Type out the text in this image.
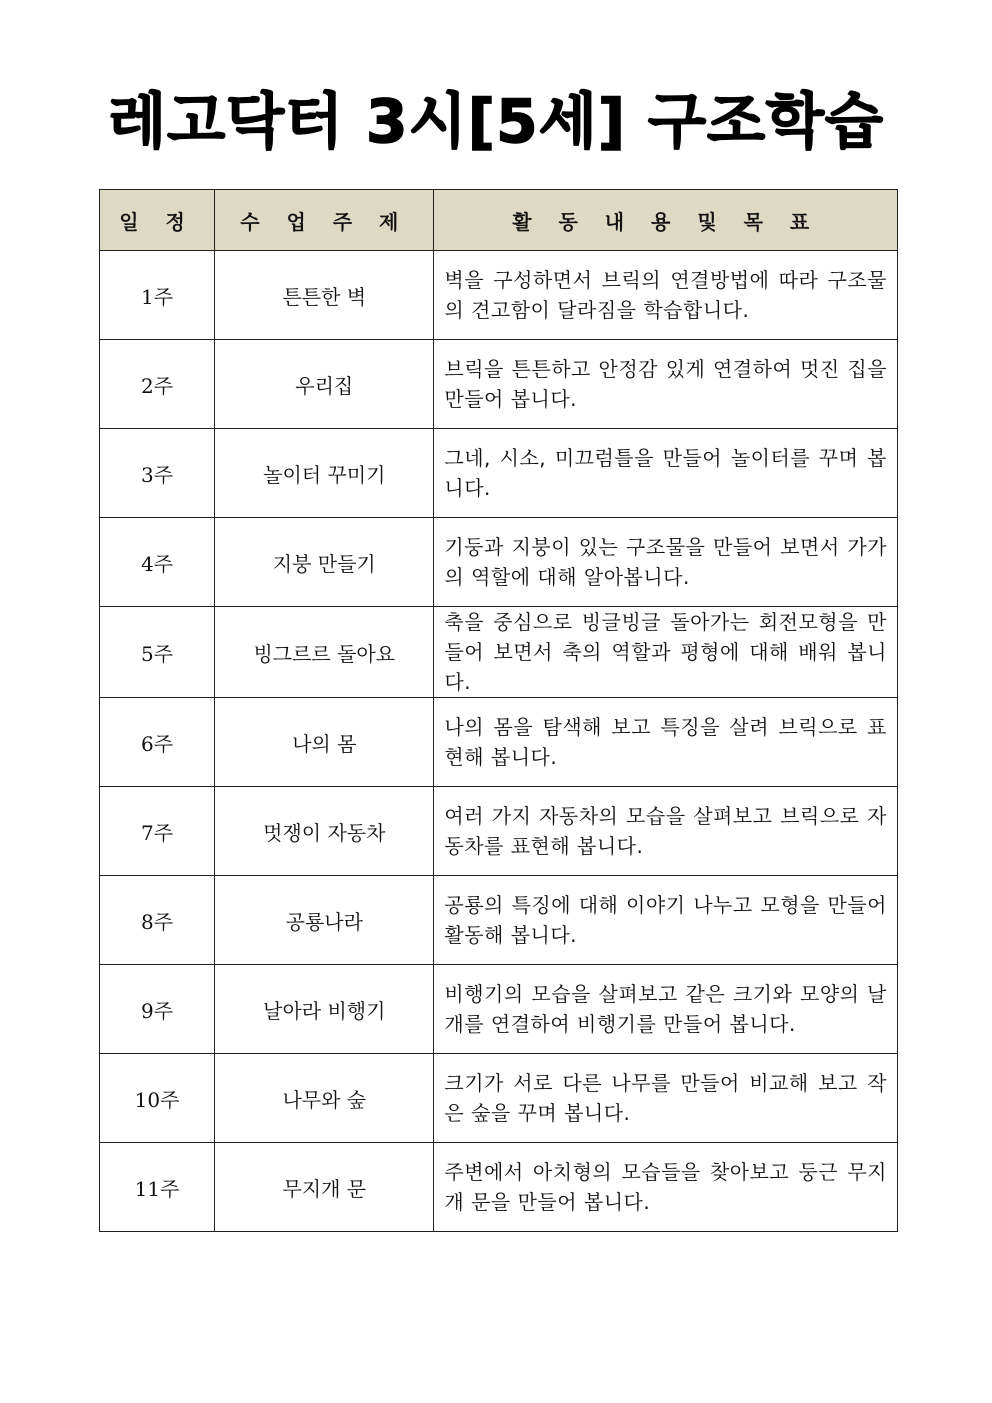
레고닥터 3시[5세] 구조학습
일 정	수 업 주 제	활 동 내 용 및 목 표
1주	튼튼한 벽	벽을 구성하면서 브릭의 연결방법에 따라 구조물의 견고함이 달라짐을 학습합니다.
2주	우리집	브릭을 튼튼하고 안정감 있게 연결하여 멋진 집을 만들어 봅니다.
3주	놀이터 꾸미기	그네, 시소, 미끄럼틀을 만들어 놀이터를 꾸며 봅니다.
4주	지붕 만들기	기둥과 지붕이 있는 구조물을 만들어 보면서 가가의 역할에 대해 알아봅니다.
5주	빙그르르 돌아요	축을 중심으로 빙글빙글 돌아가는 회전모형을 만들어 보면서 축의 역할과 평형에 대해 배워 봅니다.
6주	나의 몸	나의 몸을 탐색해 보고 특징을 살려 브릭으로 표현해 봅니다.
7주	멋쟁이 자동차	여러 가지 자동차의 모습을 살펴보고 브릭으로 자동차를 표현해 봅니다.
8주	공룡나라	공룡의 특징에 대해 이야기 나누고 모형을 만들어 활동해 봅니다.
9주	날아라 비행기	비행기의 모습을 살펴보고 같은 크기와 모양의 날개를 연결하여 비행기를 만들어 봅니다.
10주	나무와 숲	크기가 서로 다른 나무를 만들어 비교해 보고 작은 숲을 꾸며 봅니다.
11주	무지개 문	주변에서 아치형의 모습들을 찾아보고 둥근 무지개 문을 만들어 봅니다.
